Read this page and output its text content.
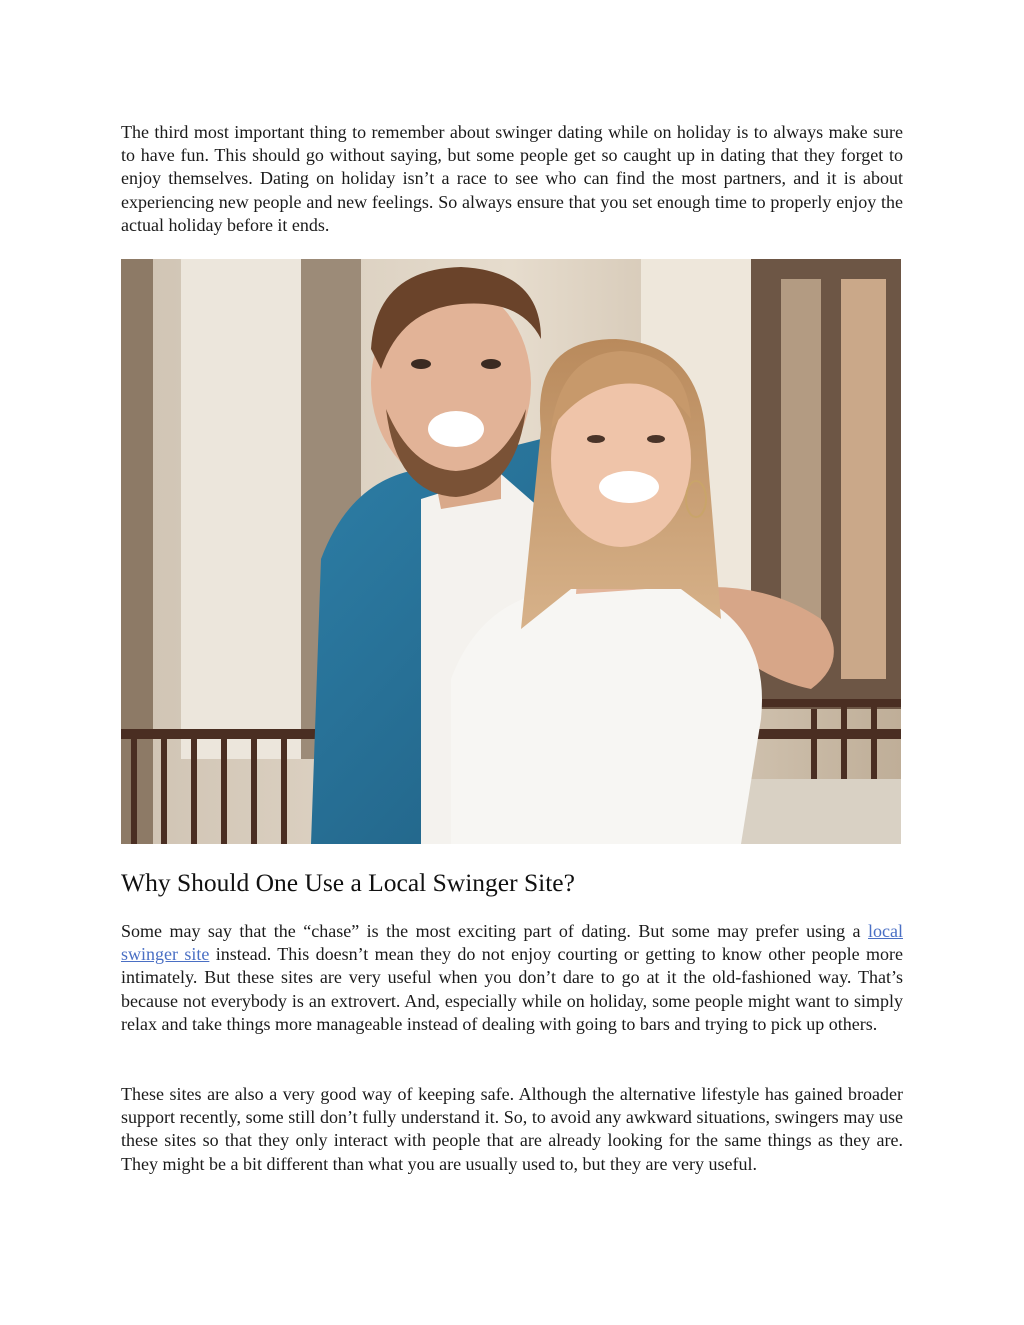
The third most important thing to remember about swinger dating while on holiday is to always make sure to have fun. This should go without saying, but some people get so caught up in dating that they forget to enjoy themselves. Dating on holiday isn’t a race to see who can find the most partners, and it is about experiencing new people and new feelings. So always ensure that you set enough time to properly enjoy the actual holiday before it ends.

Why Should One Use a Local Swinger Site?

Some may say that the “chase” is the most exciting part of dating. But some may prefer using a local swinger site instead. This doesn’t mean they do not enjoy courting or getting to know other people more intimately. But these sites are very useful when you don’t dare to go at it the old-fashioned way. That’s because not everybody is an extrovert. And, especially while on holiday, some people might want to simply relax and take things more manageable instead of dealing with going to bars and trying to pick up others.

These sites are also a very good way of keeping safe. Although the alternative lifestyle has gained broader support recently, some still don’t fully understand it. So, to avoid any awkward situations, swingers may use these sites so that they only interact with people that are already looking for the same things as they are. They might be a bit different than what you are usually used to, but they are very useful.
